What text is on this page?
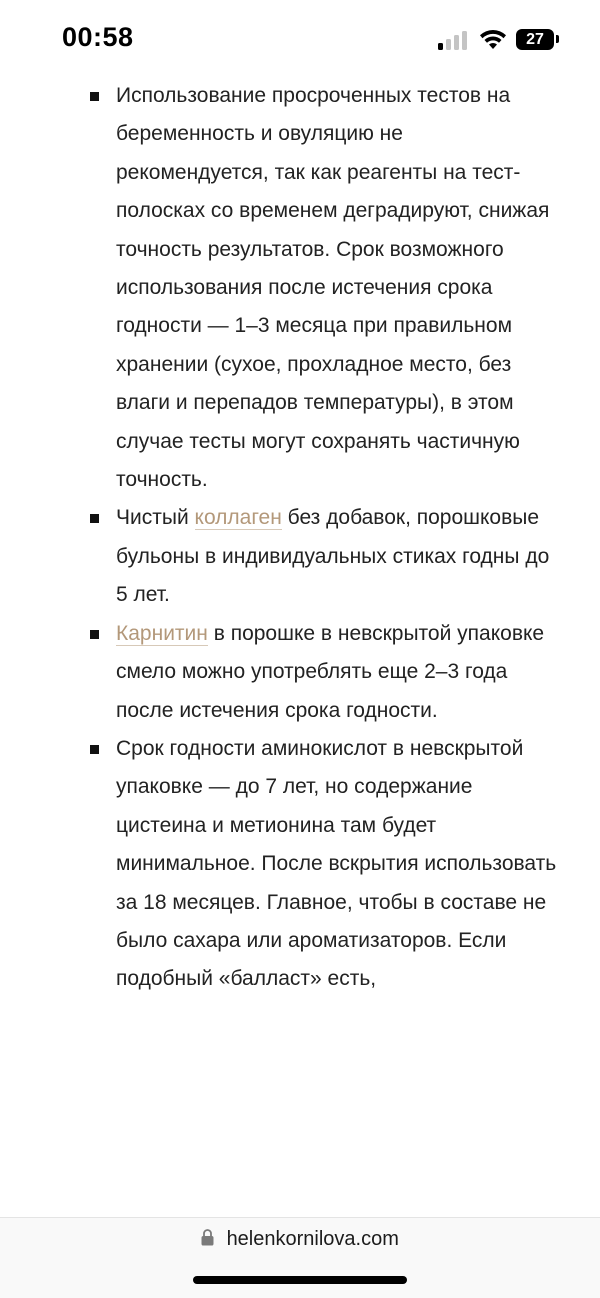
00:58	27
Использование просроченных тестов на беременность и овуляцию не рекомендуется, так как реагенты на тест-полосках со временем деградируют, снижая точность результатов. Срок возможного использования после истечения срока годности — 1–3 месяца при правильном хранении (сухое, прохладное место, без влаги и перепадов температуры), в этом случае тесты могут сохранять частичную точность.
Чистый коллаген без добавок, порошковые бульоны в индивидуальных стиках годны до 5 лет.
Карнитин в порошке в невскрытой упаковке смело можно употреблять еще 2–3 года после истечения срока годности.
Срок годности аминокислот в невскрытой упаковке — до 7 лет, но содержание цистеина и метионина там будет минимальное. После вскрытия использовать за 18 месяцев. Главное, чтобы в составе не было сахара или ароматизаторов. Если подобный «балласт» есть,
helenkornilova.com
